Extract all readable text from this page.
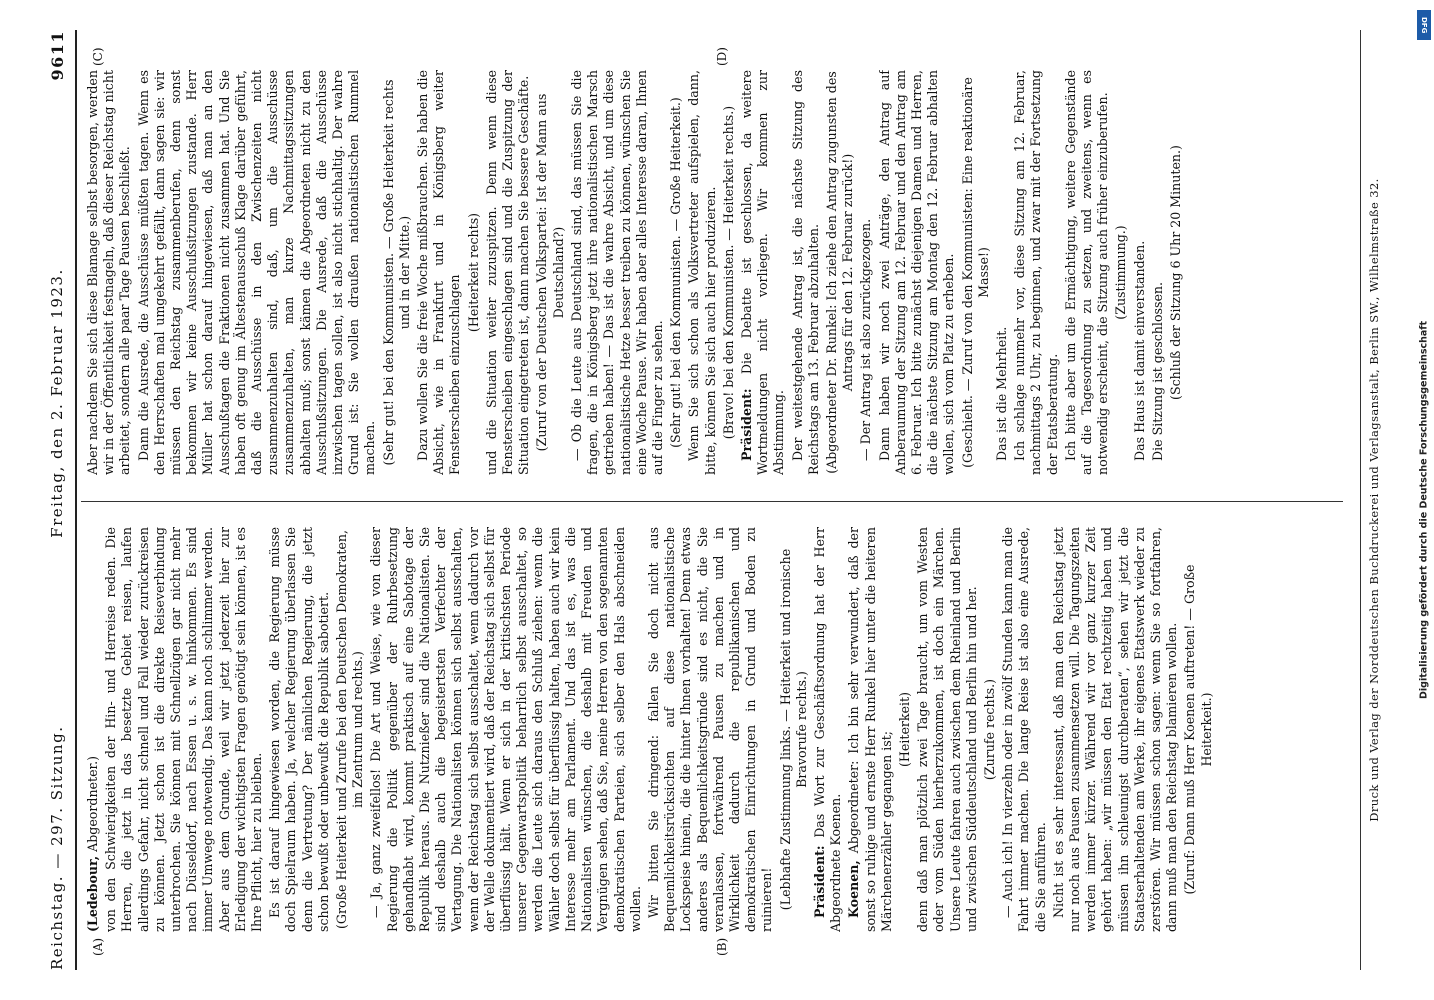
Reichstag. — 297. Sitzung.
Freitag, den 2. Februar 1923.
9611
(A)	(B)
(C)	(D)

(Ledebour, Abgeordneter.) von den Schwierigkeiten der Hin- und Herreise reden. Die Herren, die jetzt in das besetzte Gebiet reisen, laufen allerdings Gefahr, nicht schnell und Fall wieder zurückreisen zu können. Jetzt schon ist die direkte Reiseverbindung unterbrochen. Sie können mit Schnellzügen gar nicht mehr nach Düsseldorf, nach Essen u. s. w. hinkommen. Es sind immer Umwege notwendig. Das kann noch schlimmer werden. Aber aus dem Grunde, weil wir jetzt jederzeit hier zur Erledigung der wichtigsten Fragen genötigt sein können, ist es Ihre Pflicht, hier zu bleiben. Es ist darauf hingewiesen worden, die Regierung müsse doch Spielraum haben. Ja, welcher Regierung überlassen Sie denn die Vertretung? Der nämlichen Regierung, die jetzt schon bewußt oder unbewußt die Republik sabotiert. (Große Heiterkeit und Zurufe bei den Deutschen Demokraten, im Zentrum und rechts.) — Ja, ganz zweifellos! Die Art und Weise, wie von dieser Regierung die Politik gegenüber der Ruhrbesetzung gehandhabt wird, kommt praktisch auf eine Sabotage der Republik heraus. Die Nutznießer sind die Nationalisten. Sie sind deshalb auch die begeistertsten Verfechter der Vertagung. Die Nationalisten können sich selbst ausschalten, wenn der Reichstag sich selbst ausschaltet, wenn dadurch vor der Welle dokumentiert wird, daß der Reichstag sich selbst für überflüssig hält. Wenn er sich in der kritischsten Periode unserer Gegenwartspolitik beharrlich selbst ausschaltet, so werden die Leute sich daraus den Schluß ziehen: wenn die Wähler doch selbst für überflüssig halten, haben auch wir kein Interesse mehr am Parlament. Und das ist es, was die Nationalisten wünschen, die deshalb mit Freuden und Vergnügen sehen, daß Sie, meine Herren von den sogenannten demokratischen Parteien, sich selber den Hals abschneiden wollen. Wir bitten Sie dringend: fallen Sie doch nicht aus Bequemlichkeitsrücksichten auf diese nationalistische Lockspeise hinein, die die hinter Ihnen vorhalten! Denn etwas anderes als Bequemlichkeitsgründe sind es nicht, die Sie veranlassen, fortwährend Pausen zu machen und in Wirklichkeit dadurch die republikanischen und demokratischen Einrichtungen in Grund und Boden zu ruinieren! (Lebhafte Zustimmung links. — Heiterkeit und ironische Bravorufe rechts.)

Präsident: Das Wort zur Geschäftsordnung hat der Herr Abgeordnete Koenen. Koenen, Abgeordneter: Ich bin sehr verwundert, daß der sonst so ruhige und ernste Herr Runkel hier unter die heiteren Märchenerzähler gegangen ist;

(Heiterkeit) denn daß man plötzlich zwei Tage braucht, um vom Westen oder vom Süden hierherzukommen, ist doch ein Märchen. Unsere Leute fahren auch zwischen dem Rheinland und Berlin und zwischen Süddeutschland und Berlin hin und her. (Zurufe rechts.) — Auch ich! In vierzehn oder in zwölf Stunden kann man die Fahrt immer machen. Die lange Reise ist also eine Ausrede, die Sie anführen. Nicht ist es sehr interessant, daß man den Reichstag jetzt nur noch aus Pausen zusammensetzen will. Die Tagungszeiten werden immer kürzer. Während wir vor ganz kurzer Zeit gehört haben: „wir müssen den Etat rechtzeitig haben und müssen ihn schleunigst durchberaten“, sehen wir jetzt die Staatserhaltenden am Werke, ihr eigenes Etatswerk wieder zu zerstören. Wir müssen schon sagen: wenn Sie so fortfahren, dann muß man den Reichstag blamieren wollen. (Zuruf: Dann muß Herr Koenen auftreten! — Große Heiterkeit.)

Aber nachdem Sie sich diese Blamage selbst besorgen, werden wir in der Öffentlichkeit festnageln, daß dieser Reichstag nicht arbeitet, sondern alle paar Tage Pausen beschließt. Dann die Ausrede, die Ausschüsse müßten tagen. Wenn es den Herrschaften mal umgekehrt gefällt, dann sagen sie: wir müssen den Reichstag zusammenberufen, denn sonst bekommen wir keine Ausschußsitzungen zustande. Herr Müller hat schon darauf hingewiesen, daß man an den Ausschußtagen die Fraktionen nicht zusammen hat. Und Sie haben oft genug im Ältestenausschuß Klage darüber geführt, daß die Ausschüsse in den Zwischenzeiten nicht zusammenzuhalten sind, daß, um die Ausschüsse zusammenzuhalten, man kurze Nachmittagssitzungen abhalten muß; sonst kämen die Abgeordneten nicht zu den Ausschußsitzungen. Die Ausrede, daß die Ausschüsse inzwischen tagen sollen, ist also nicht stichhaltig. Der wahre Grund ist: Sie wollen draußen nationalistischen Rummel machen. (Sehr gut! bei den Kommunisten. — Große Heiterkeit rechts und in der Mitte.) Dazu wollen Sie die freie Woche mißbrauchen. Sie haben die Absicht, wie in Frankfurt und in Königsberg weiter Fensterscheiben einzuschlagen

(Heiterkeit rechts) und die Situation weiter zuzuspitzen. Denn wenn diese Fensterscheiben eingeschlagen sind und die Zuspitzung der Situation eingetreten ist, dann machen Sie bessere Geschäfte. (Zuruf von der Deutschen Volkspartei: Ist der Mann aus Deutschland?) — Ob die Leute aus Deutschland sind, das müssen Sie die fragen, die in Königsberg jetzt ihre nationalistischen Marsch getrieben haben! — Das ist die wahre Absicht, und um diese nationalistische Hetze besser treiben zu können, wünschen Sie eine Woche Pause. Wir haben aber alles Interesse daran, Ihnen auf die Finger zu sehen. (Sehr gut! bei den Kommunisten. — Große Heiterkeit.) Wenn Sie sich schon als Volksvertreter aufspielen, dann, bitte, können Sie sich auch hier produzieren. (Bravo! bei den Kommunisten. — Heiterkeit rechts.) Präsident: Die Debatte ist geschlossen, da weitere Wortmeldungen nicht vorliegen. Wir kommen zur Abstimmung. Der weitestgehende Antrag ist, die nächste Sitzung des Reichstags am 13. Februar abzuhalten. (Abgeordneter Dr. Runkel: Ich ziehe den Antrag zugunsten des Antrags für den 12. Februar zurück!) — Der Antrag ist also zurückgezogen. Dann haben wir noch zwei Anträge, den Antrag auf Anberaumung der Sitzung am 12. Februar und den Antrag am 6. Februar. Ich bitte zunächst diejenigen Damen und Herren, die die nächste Sitzung am Montag den 12. Februar abhalten wollen, sich vom Platz zu erheben. (Geschieht. — Zuruf von den Kommunisten: Eine reaktionäre Masse!)

Das ist die Mehrheit. Ich schlage nunmehr vor, diese Sitzung am 12. Februar, nachmittags 2 Uhr, zu beginnen, und zwar mit der Fortsetzung der Etatsberatung. Ich bitte aber um die Ermächtigung, weitere Gegenstände auf die Tagesordnung zu setzen, und zweitens, wenn es notwendig erscheint, die Sitzung auch früher einzuberufen. (Zustimmung.) Das Haus ist damit einverstanden. Die Sitzung ist geschlossen. (Schluß der Sitzung 6 Uhr 20 Minuten.)	Druck und Verlag der Norddeutschen Buchdruckerei und Verlagsanstalt, Berlin SW., Wilhelmstraße 32.
DFG
Digitalisierung gefördert durch die Deutsche Forschungsgemeinschaft
